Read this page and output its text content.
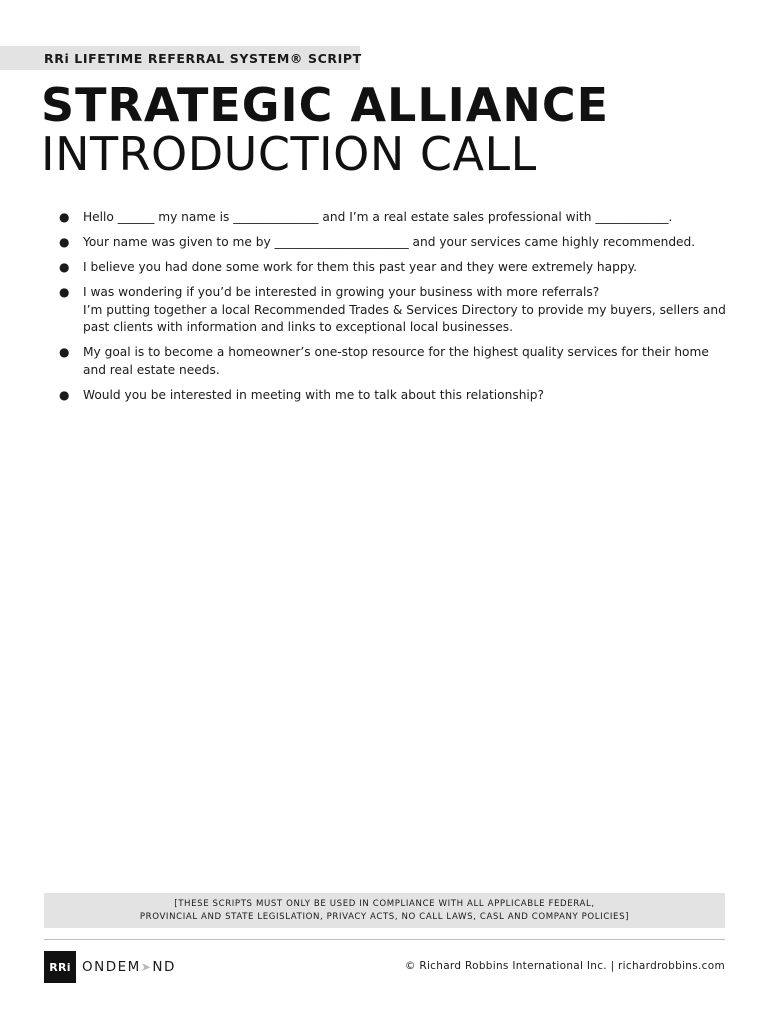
RRi LIFETIME REFERRAL SYSTEM® SCRIPT
STRATEGIC ALLIANCE
INTRODUCTION CALL
● Hello ______ my name is ______________ and I’m a real estate sales professional with ____________.
● Your name was given to me by ______________________ and your services came highly recommended.
● I believe you had done some work for them this past year and they were extremely happy.
● I was wondering if you’d be interested in growing your business with more referrals?
I’m putting together a local Recommended Trades & Services Directory to provide my buyers, sellers and past clients with information and links to exceptional local businesses.
● My goal is to become a homeowner’s one-stop resource for the highest quality services for their home and real estate needs.
● Would you be interested in meeting with me to talk about this relationship?
[THESE SCRIPTS MUST ONLY BE USED IN COMPLIANCE WITH ALL APPLICABLE FEDERAL,
PROVINCIAL AND STATE LEGISLATION, PRIVACY ACTS, NO CALL LAWS, CASL AND COMPANY POLICIES]
RRi ONDEM➤ND	© Richard Robbins International Inc. | richardrobbins.com
